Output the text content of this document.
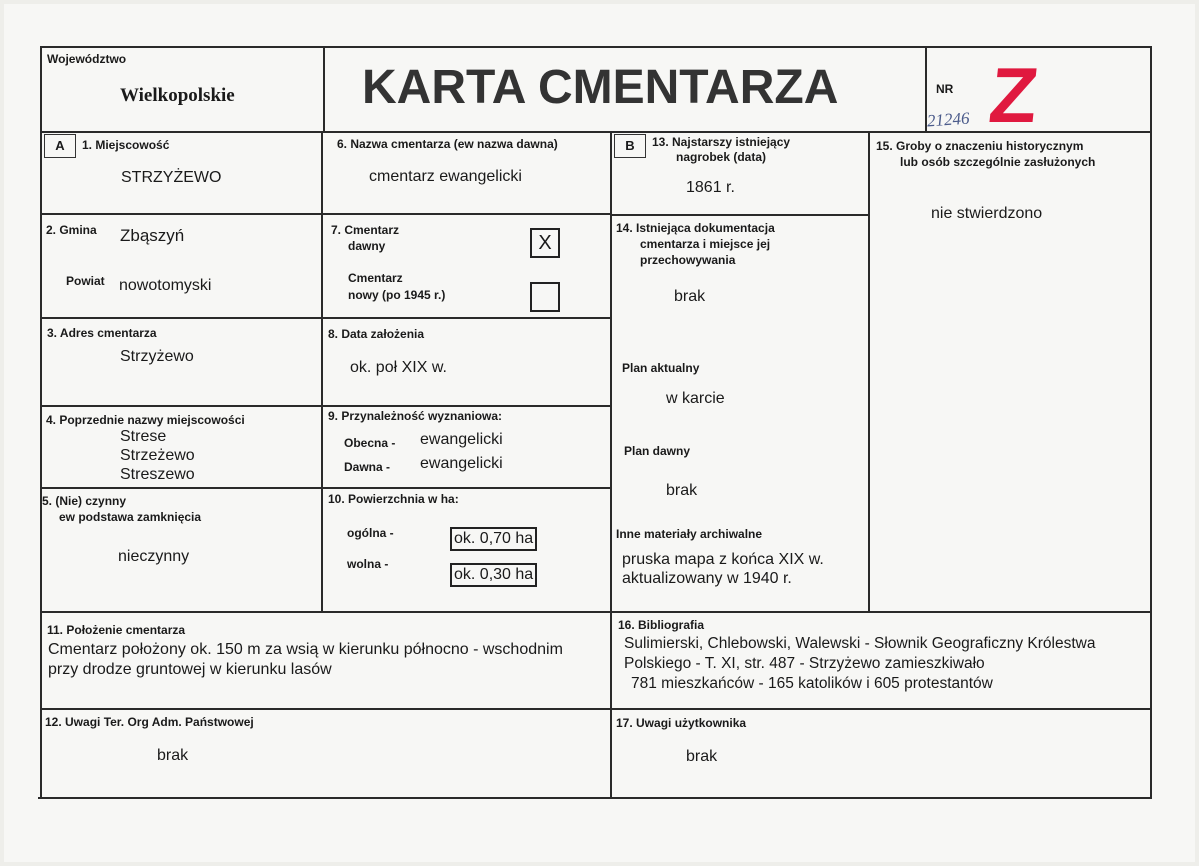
Województwo
Wielkopolskie	KARTA CMENTARZA	NR Z
21246
A	1. Miejscowość
STRZYŻEWO
2. Gmina Zbąszyń
Powiat nowotomyski
3. Adres cmentarza
Strzyżewo
4. Poprzednie nazwy miejscowości
Strese
Strzeżewo
Streszewo
5. (Nie) czynny
ew podstawa zamknięcia
nieczynny
6. Nazwa cmentarza (ew nazwa dawna)
cmentarz ewangelicki
7. Cmentarz
dawny	X
Cmentarz
nowy (po 1945 r.)
8. Data założenia
ok. poł XIX w.
9. Przynależność wyznaniowa:
Obecna - ewangelicki
Dawna - ewangelicki
10. Powierzchnia w ha:
ogólna -	ok. 0,70 ha
wolna -
ok. 0,30 ha
B	13. Najstarszy istniejący
nagrobek (data)
1861 r.
14. Istniejąca dokumentacja
cmentarza i miejsce jej
przechowywania
brak
Plan aktualny
w karcie
Plan dawny
brak
Inne materiały archiwalne
pruska mapa z końca XIX w.
aktualizowany w 1940 r.
15. Groby o znaczeniu historycznym
lub osób szczególnie zasłużonych
nie stwierdzono
11. Położenie cmentarza
Cmentarz położony ok. 150 m za wsią w kierunku północno - wschodnim
przy drodze gruntowej w kierunku lasów
16. Bibliografia
Sulimierski, Chlebowski, Walewski - Słownik Geograficzny Królestwa
Polskiego - T. XI, str. 487 - Strzyżewo zamieszkiwało
781 mieszkańców - 165 katolików i 605 protestantów
12. Uwagi Ter. Org Adm. Państwowej
brak
17. Uwagi użytkownika
brak
